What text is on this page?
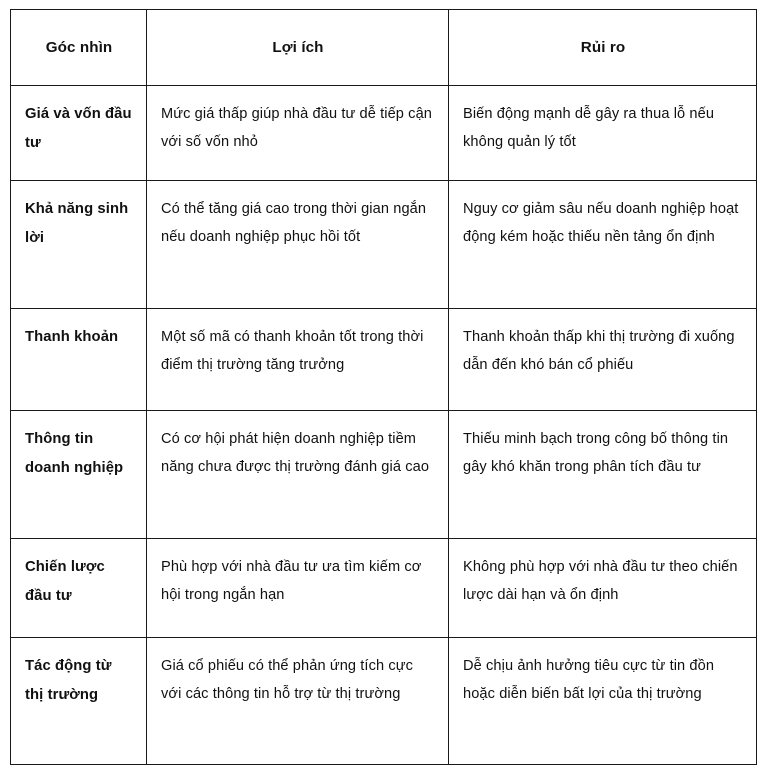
Góc nhìn	Lợi ích	Rủi ro
Giá và vốn đầu tư	Mức giá thấp giúp nhà đầu tư dễ tiếp cận với số vốn nhỏ	Biến động mạnh dễ gây ra thua lỗ nếu không quản lý tốt
Khả năng sinh lời	Có thể tăng giá cao trong thời gian ngắn nếu doanh nghiệp phục hồi tốt	Nguy cơ giảm sâu nếu doanh nghiệp hoạt động kém hoặc thiếu nền tảng ổn định
Thanh khoản	Một số mã có thanh khoản tốt trong thời điểm thị trường tăng trưởng	Thanh khoản thấp khi thị trường đi xuống dẫn đến khó bán cổ phiếu
Thông tin doanh nghiệp	Có cơ hội phát hiện doanh nghiệp tiềm năng chưa được thị trường đánh giá cao	Thiếu minh bạch trong công bố thông tin gây khó khăn trong phân tích đầu tư
Chiến lược đầu tư	Phù hợp với nhà đầu tư ưa tìm kiếm cơ hội trong ngắn hạn	Không phù hợp với nhà đầu tư theo chiến lược dài hạn và ổn định
Tác động từ thị trường	Giá cổ phiếu có thể phản ứng tích cực với các thông tin hỗ trợ từ thị trường	Dễ chịu ảnh hưởng tiêu cực từ tin đồn hoặc diễn biến bất lợi của thị trường
